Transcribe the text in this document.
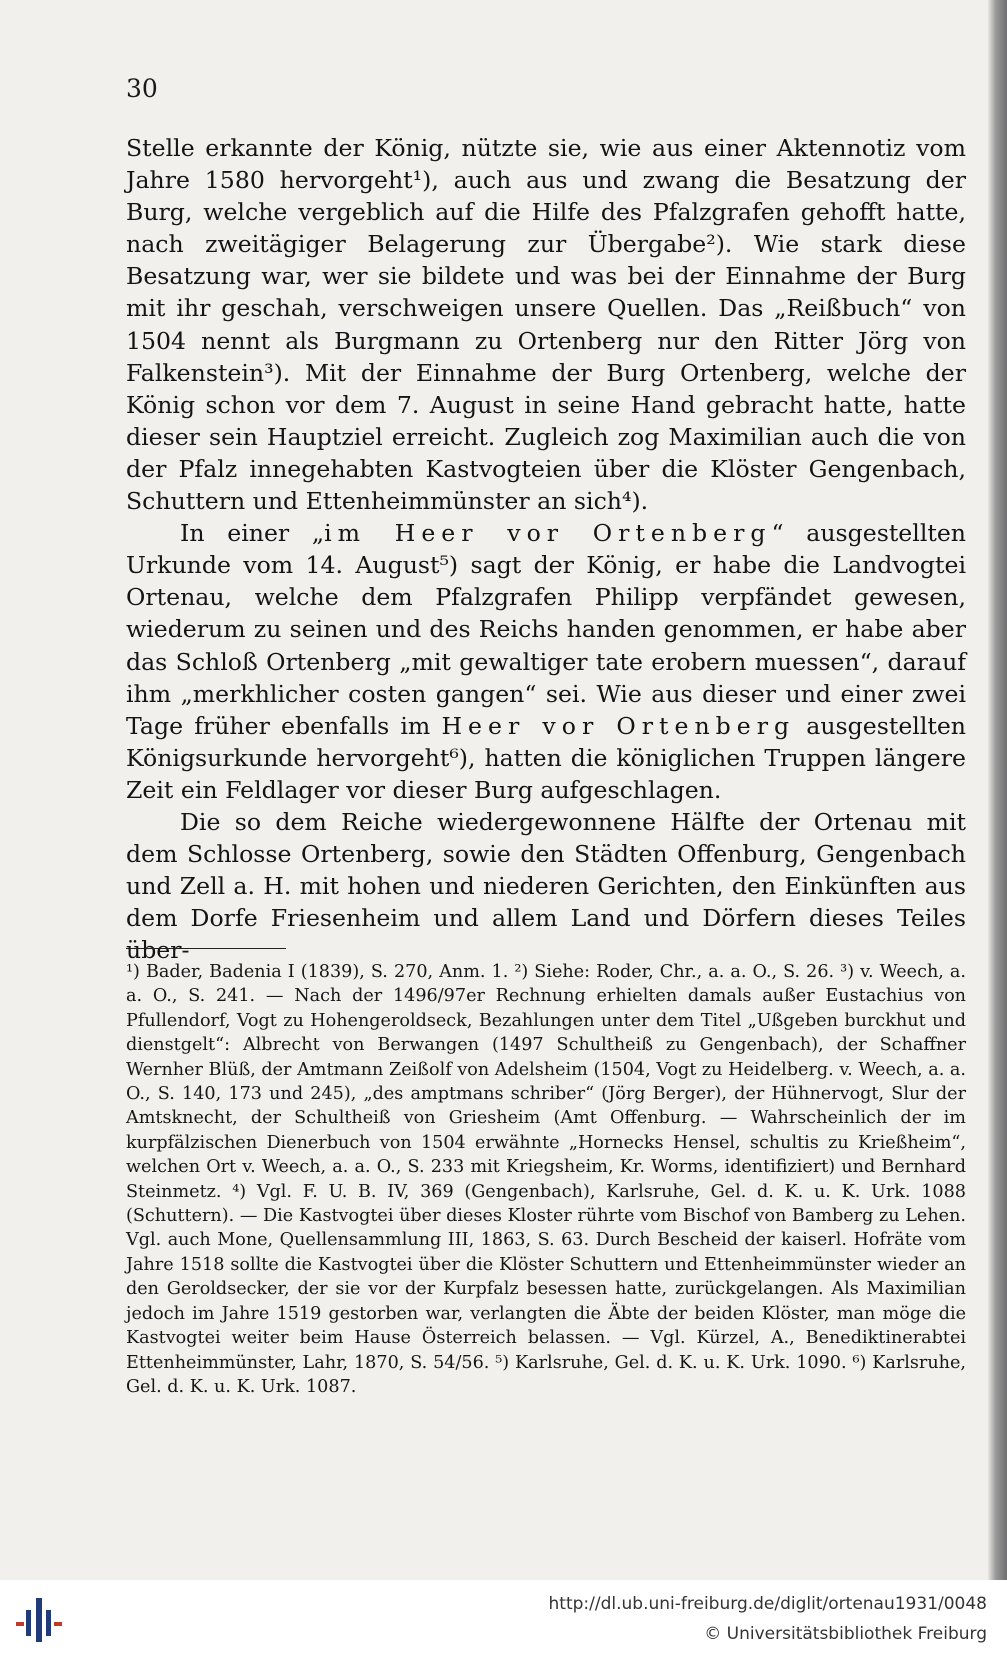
30

Stelle erkannte der König, nützte sie, wie aus einer Aktennotiz vom Jahre 1580 hervorgeht¹), auch aus und zwang die Besatzung der Burg, welche vergeblich auf die Hilfe des Pfalzgrafen gehofft hatte, nach zweitägiger Belagerung zur Übergabe²). Wie stark diese Besatzung war, wer sie bildete und was bei der Einnahme der Burg mit ihr geschah, verschweigen unsere Quellen. Das „Reißbuch“ von 1504 nennt als Burgmann zu Ortenberg nur den Ritter Jörg von Falkenstein³). Mit der Einnahme der Burg Ortenberg, welche der König schon vor dem 7. August in seine Hand gebracht hatte, hatte dieser sein Hauptziel erreicht. Zugleich zog Maximilian auch die von der Pfalz innegehabten Kastvogteien über die Klöster Gengenbach, Schuttern und Ettenheimmünster an sich⁴).

In einer „im Heer vor Ortenberg“ ausgestellten Urkunde vom 14. August⁵) sagt der König, er habe die Landvogtei Ortenau, welche dem Pfalzgrafen Philipp verpfändet gewesen, wiederum zu seinen und des Reichs handen genommen, er habe aber das Schloß Ortenberg „mit gewaltiger tate erobern muessen“, darauf ihm „merkhlicher costen gangen“ sei. Wie aus dieser und einer zwei Tage früher ebenfalls im Heer vor Ortenberg ausgestellten Königsurkunde hervorgeht⁶), hatten die königlichen Truppen längere Zeit ein Feldlager vor dieser Burg aufgeschlagen.

Die so dem Reiche wiedergewonnene Hälfte der Ortenau mit dem Schlosse Ortenberg, sowie den Städten Offenburg, Gengenbach und Zell a. H. mit hohen und niederen Gerichten, den Einkünften aus dem Dorfe Friesenheim und allem Land und Dörfern dieses Teiles über-

¹) Bader, Badenia I (1839), S. 270, Anm. 1. ²) Siehe: Roder, Chr., a. a. O., S. 26. ³) v. Weech, a. a. O., S. 241. — Nach der 1496/97er Rechnung erhielten damals außer Eustachius von Pfullendorf, Vogt zu Hohengeroldseck, Bezahlungen unter dem Titel „Ußgeben burckhut und dienstgelt“: Albrecht von Berwangen (1497 Schultheiß zu Gengenbach), der Schaffner Wernher Blüß, der Amtmann Zeißolf von Adelsheim (1504, Vogt zu Heidelberg. v. Weech, a. a. O., S. 140, 173 und 245), „des amptmans schriber“ (Jörg Berger), der Hühnervogt, Slur der Amtsknecht, der Schultheiß von Griesheim (Amt Offenburg. — Wahrscheinlich der im kurpfälzischen Dienerbuch von 1504 erwähnte „Hornecks Hensel, schultis zu Krießheim“, welchen Ort v. Weech, a. a. O., S. 233 mit Kriegsheim, Kr. Worms, identifiziert) und Bernhard Steinmetz. ⁴) Vgl. F. U. B. IV, 369 (Gengenbach), Karlsruhe, Gel. d. K. u. K. Urk. 1088 (Schuttern). — Die Kastvogtei über dieses Kloster rührte vom Bischof von Bamberg zu Lehen. Vgl. auch Mone, Quellensammlung III, 1863, S. 63. Durch Bescheid der kaiserl. Hofräte vom Jahre 1518 sollte die Kastvogtei über die Klöster Schuttern und Ettenheimmünster wieder an den Geroldsecker, der sie vor der Kurpfalz besessen hatte, zurückgelangen. Als Maximilian jedoch im Jahre 1519 gestorben war, verlangten die Äbte der beiden Klöster, man möge die Kastvogtei weiter beim Hause Österreich belassen. — Vgl. Kürzel, A., Benediktinerabtei Ettenheimmünster, Lahr, 1870, S. 54/56. ⁵) Karlsruhe, Gel. d. K. u. K. Urk. 1090. ⁶) Karlsruhe, Gel. d. K. u. K. Urk. 1087.

http://dl.ub.uni-freiburg.de/diglit/ortenau1931/0048
© Universitätsbibliothek Freiburg
